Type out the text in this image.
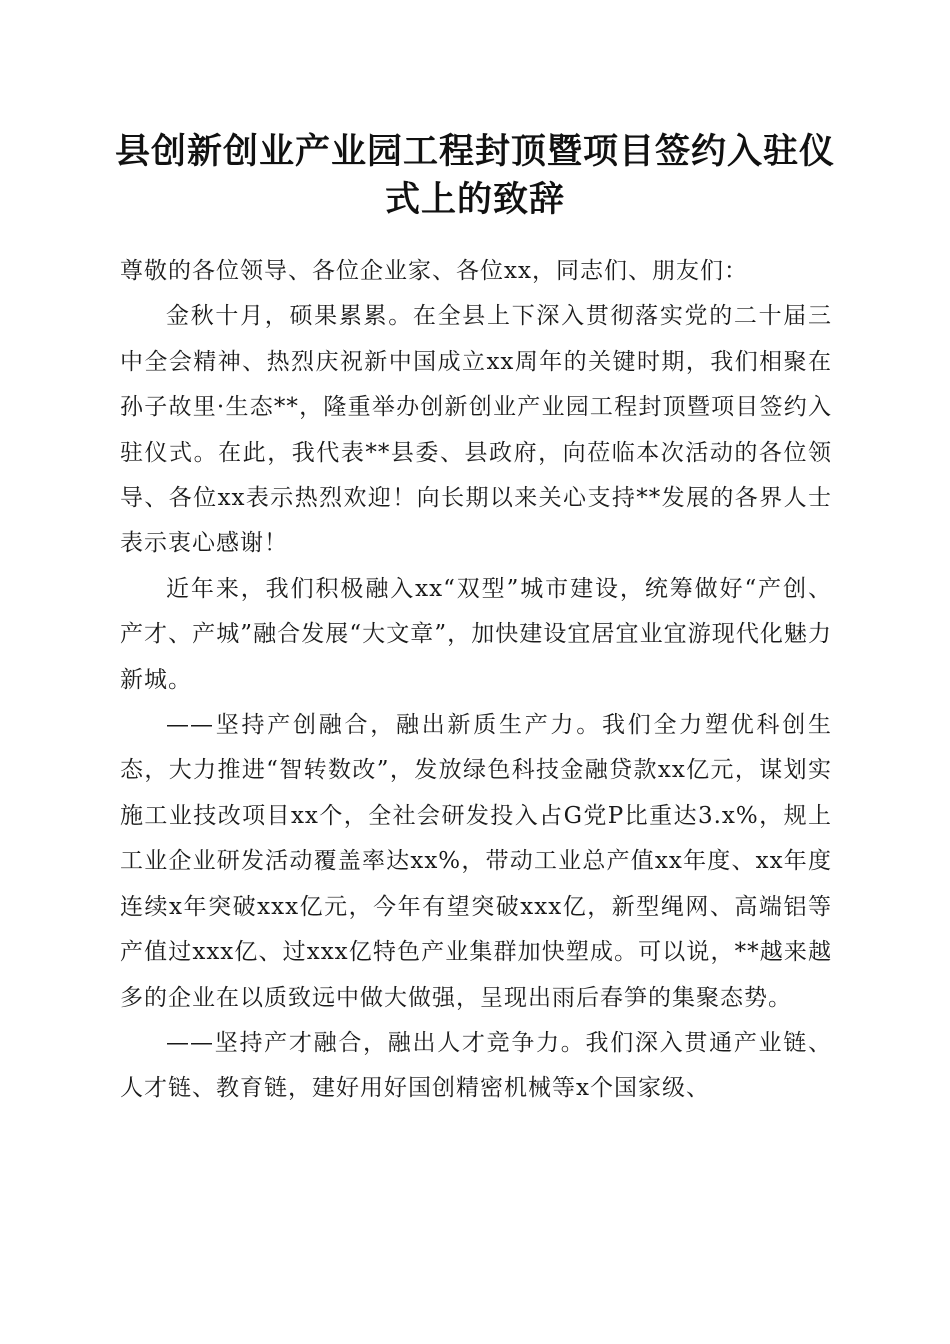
县创新创业产业园工程封顶暨项目签约入驻仪式上的致辞

尊敬的各位领导、各位企业家、各位xx，同志们、朋友们：

金秋十月，硕果累累。在全县上下深入贯彻落实党的二十届三中全会精神、热烈庆祝新中国成立xx周年的关键时期，我们相聚在孙子故里·生态**，隆重举办创新创业产业园工程封顶暨项目签约入驻仪式。在此，我代表**县委、县政府，向莅临本次活动的各位领导、各位xx表示热烈欢迎！向长期以来关心支持**发展的各界人士表示衷心感谢！

近年来，我们积极融入xx“双型”城市建设，统筹做好“产创、产才、产城”融合发展“大文章”，加快建设宜居宜业宜游现代化魅力新城。

——坚持产创融合，融出新质生产力。我们全力塑优科创生态，大力推进“智转数改”，发放绿色科技金融贷款xx亿元，谋划实施工业技改项目xx个，全社会研发投入占G党P比重达3.x%，规上工业企业研发活动覆盖率达xx%，带动工业总产值xx年度、xx年度连续x年突破xxx亿元，今年有望突破xxx亿，新型绳网、高端铝等产值过xxx亿、过xxx亿特色产业集群加快塑成。可以说，**越来越多的企业在以质致远中做大做强，呈现出雨后春笋的集聚态势。

——坚持产才融合，融出人才竞争力。我们深入贯通产业链、人才链、教育链，建好用好国创精密机械等x个国家级、
